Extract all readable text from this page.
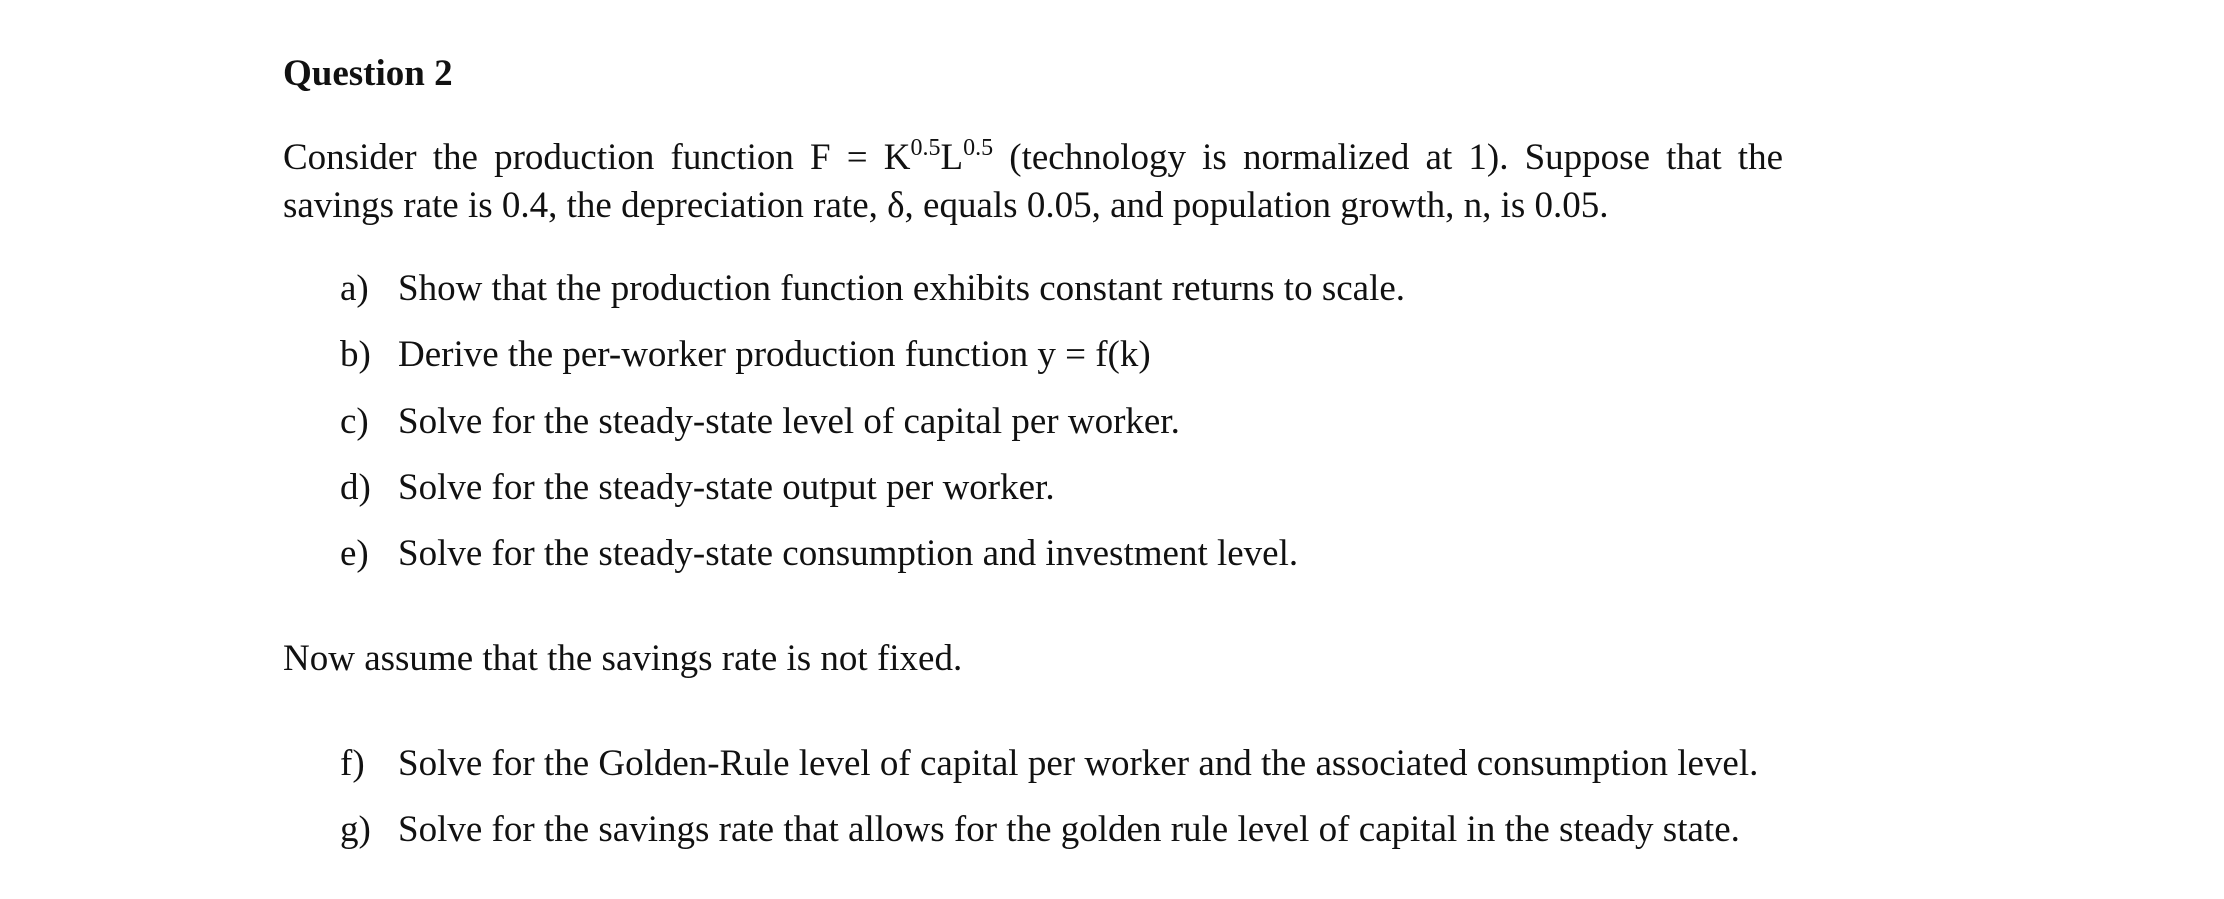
Question 2

Consider the production function $F = K^{0.5}L^{0.5}$ (technology is normalized at 1). Suppose that the
savings rate is 0.4, the depreciation rate, δ, equals 0.05, and population growth, n, is 0.05.

a) Show that the production function exhibits constant returns to scale.

b) Derive the per-worker production function y = f(k)

c) Solve for the steady-state level of capital per worker.

d) Solve for the steady-state output per worker.

e) Solve for the steady-state consumption and investment level.

Now assume that the savings rate is not fixed.

f) Solve for the Golden-Rule level of capital per worker and the associated consumption level.

g) Solve for the savings rate that allows for the golden rule level of capital in the steady state.
